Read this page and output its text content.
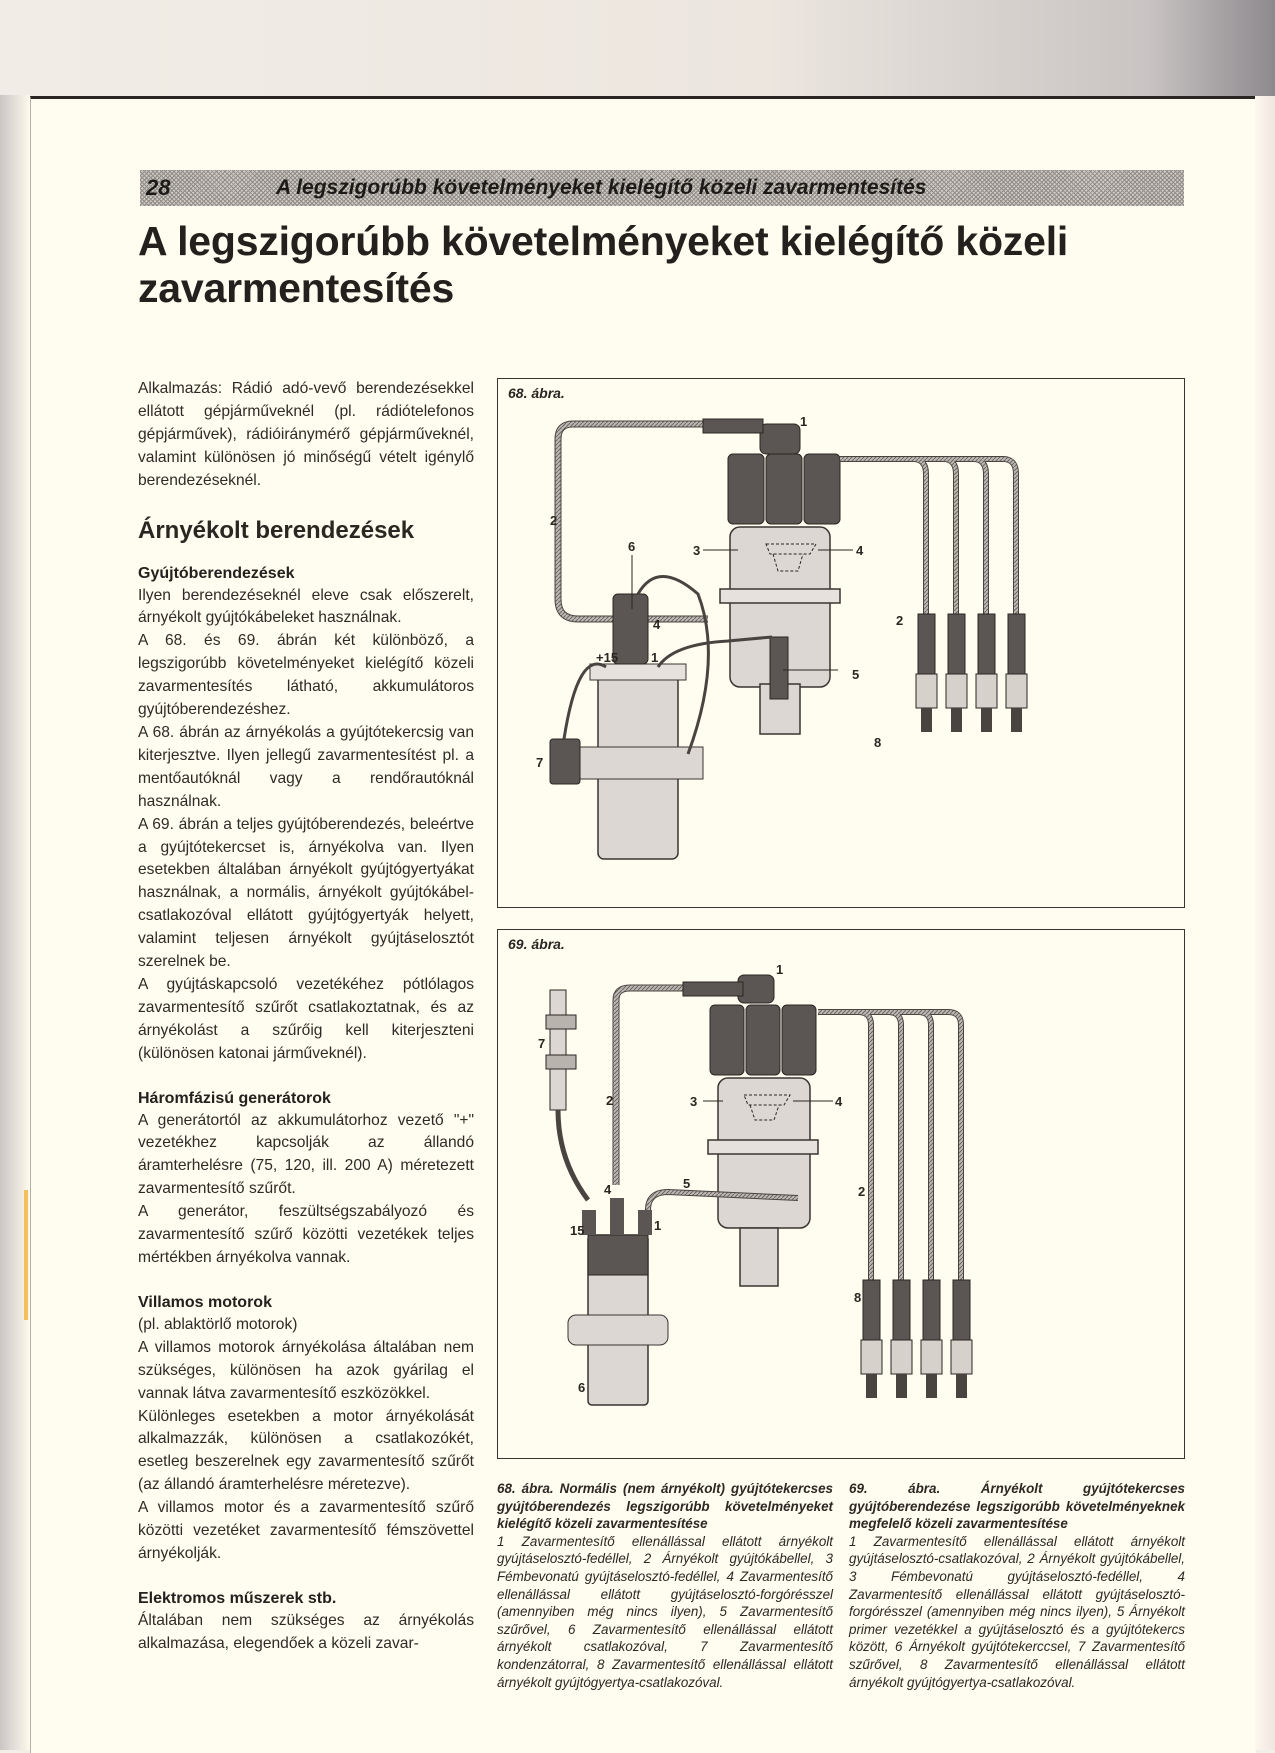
28	A legszigorúbb követelményeket kielégítő közeli zavarmentesítés
A legszigorúbb követelményeket kielégítő közeli zavarmentesítés

Alkalmazás: Rádió adó-vevő berendezésekkel ellátott gépjárműveknél (pl. rádiótelefonos gépjárművek), rádióiránymérő gépjárműveknél, valamint különösen jó minőségű vételt igénylő berendezéseknél.

Árnyékolt berendezések
Gyújtóberendezések

Ilyen berendezéseknél eleve csak előszerelt, árnyékolt gyújtókábeleket használnak.

A 68. és 69. ábrán két különböző, a legszigorúbb követelményeket kielégítő közeli zavarmentesítés látható, akkumulátoros gyújtóberendezéshez.

A 68. ábrán az árnyékolás a gyújtótekercsig van kiterjesztve. Ilyen jellegű zavarmentesítést pl. a mentőautóknál vagy a rendőrautóknál használnak.

A 69. ábrán a teljes gyújtóberendezés, beleértve a gyújtótekercset is, árnyékolva van. Ilyen esetekben általában árnyékolt gyújtógyertyákat használnak, a normális, árnyékolt gyújtókábel-csatlakozóval ellátott gyújtógyertyák helyett, valamint teljesen árnyékolt gyújtáselosztót szerelnek be.

A gyújtáskapcsoló vezetékéhez pótlólagos zavarmentesítő szűrőt csatlakoztatnak, és az árnyékolást a szűrőig kell kiterjeszteni (különösen katonai járműveknél).

Háromfázisú generátorok

A generátortól az akkumulátorhoz vezető "+" vezetékhez kapcsolják az állandó áramterhelésre (75, 120, ill. 200 A) méretezett zavarmentesítő szűrőt.

A generátor, feszültségszabályozó és zavarmentesítő szűrő közötti vezetékek teljes mértékben árnyékolva vannak.

Villamos motorok

(pl. ablaktörlő motorok)

A villamos motorok árnyékolása általában nem szükséges, különösen ha azok gyárilag el vannak látva zavarmentesítő eszközökkel.

Különleges esetekben a motor árnyékolását alkalmazzák, különösen a csatlakozókét, esetleg beszerelnek egy zavarmentesítő szűrőt (az állandó áramterhelésre méretezve).

A villamos motor és a zavarmentesítő szűrő közötti vezetéket zavarmentesítő fémszövettel árnyékolják.

Elektromos műszerek stb.

Általában nem szükséges az árnyékolás alkalmazása, elegendőek a közeli zavar-

1
2
2
3	4
4
5
6
7
8
+15	1
68. ábra.
1
2
2
3	4
4	5
6
7
8
15	1
69. ábra.
68. ábra. Normális (nem árnyékolt) gyújtótekercses gyújtóberendezés legszigorúbb követelményeket kielégítő közeli zavarmentesítése
1 Zavarmentesítő ellenállással ellátott árnyékolt gyújtáselosztó-fedéllel, 2 Árnyékolt gyújtókábellel, 3 Fémbevonatú gyújtáselosztó-fedéllel, 4 Zavarmentesítő ellenállással ellátott gyújtáselosztó-forgórésszel (amennyiben még nincs ilyen), 5 Zavarmentesítő szűrővel, 6 Zavarmentesítő ellenállással ellátott árnyékolt csatlakozóval, 7 Zavarmentesítő kondenzátorral, 8 Zavarmentesítő ellenállással ellátott árnyékolt gyújtógyertya-csatlakozóval.
69. ábra. Árnyékolt gyújtótekercses gyújtóberendezése legszigorúbb követelményeknek megfelelő közeli zavarmentesítése
1 Zavarmentesítő ellenállással ellátott árnyékolt gyújtáselosztó-csatlakozóval, 2 Árnyékolt gyújtókábellel, 3 Fémbevonatú gyújtáselosztó-fedéllel, 4 Zavarmentesítő ellenállással ellátott gyújtáselosztó-forgórésszel (amennyiben még nincs ilyen), 5 Árnyékolt primer vezetékkel a gyújtáselosztó és a gyújtótekercs között, 6 Árnyékolt gyújtótekerccsel, 7 Zavarmentesítő szűrővel, 8 Zavarmentesítő ellenállással ellátott árnyékolt gyújtógyertya-csatlakozóval.
